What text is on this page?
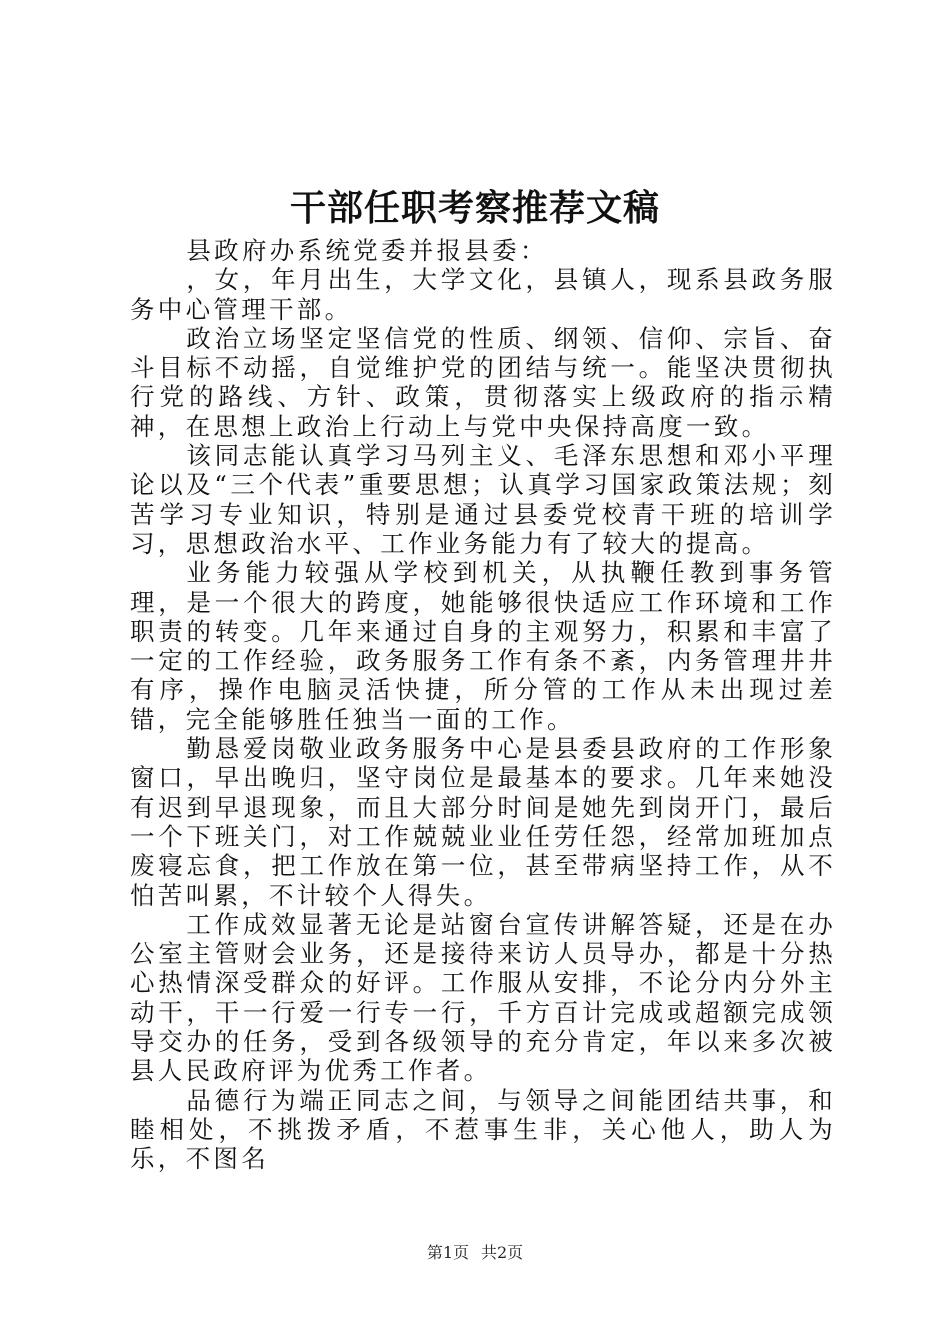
干部任职考察推荐文稿

县政府办系统党委并报县委：

，女，年月出生，大学文化，县镇人，现系县政务服务中心管理干部。

政治立场坚定坚信党的性质、纲领、信仰、宗旨、奋斗目标不动摇，自觉维护党的团结与统一。能坚决贯彻执行党的路线、方针、政策，贯彻落实上级政府的指示精神，在思想上政治上行动上与党中央保持高度一致。

该同志能认真学习马列主义、毛泽东思想和邓小平理论以及“三个代表”重要思想；认真学习国家政策法规；刻苦学习专业知识，特别是通过县委党校青干班的培训学习，思想政治水平、工作业务能力有了较大的提高。

业务能力较强从学校到机关，从执鞭任教到事务管理，是一个很大的跨度，她能够很快适应工作环境和工作职责的转变。几年来通过自身的主观努力，积累和丰富了一定的工作经验，政务服务工作有条不紊，内务管理井井有序，操作电脑灵活快捷，所分管的工作从未出现过差错，完全能够胜任独当一面的工作。

勤恳爱岗敬业政务服务中心是县委县政府的工作形象窗口，早出晚归，坚守岗位是最基本的要求。几年来她没有迟到早退现象，而且大部分时间是她先到岗开门，最后一个下班关门，对工作兢兢业业任劳任怨，经常加班加点废寝忘食，把工作放在第一位，甚至带病坚持工作，从不怕苦叫累，不计较个人得失。

工作成效显著无论是站窗台宣传讲解答疑，还是在办公室主管财会业务，还是接待来访人员导办，都是十分热心热情深受群众的好评。工作服从安排，不论分内分外主动干，干一行爱一行专一行，千方百计完成或超额完成领导交办的任务，受到各级领导的充分肯定，年以来多次被县人民政府评为优秀工作者。

品德行为端正同志之间，与领导之间能团结共事，和睦相处，不挑拨矛盾，不惹事生非，关心他人，助人为乐，不图名

第1页 共2页
